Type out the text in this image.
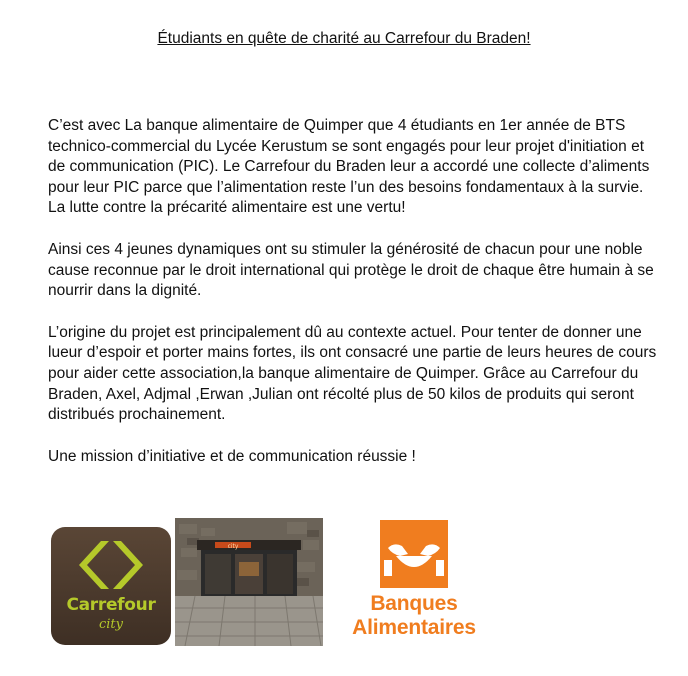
Étudiants en quête de charité au Carrefour du Braden!

C’est avec La banque alimentaire de Quimper que 4 étudiants en 1er année de BTS technico-commercial du Lycée Kerustum se sont engagés pour leur projet d'initiation et de communication (PIC). Le Carrefour du Braden leur a accordé une collecte d’aliments pour leur PIC parce que l’alimentation reste l’un des besoins fondamentaux à la survie. La lutte contre la précarité alimentaire est une vertu!

Ainsi ces 4 jeunes dynamiques ont su stimuler la générosité de chacun pour une noble cause reconnue par le droit international qui protège le droit de chaque être humain à se nourrir dans la dignité.

L’origine du projet est principalement dû au contexte actuel. Pour tenter de donner une lueur d’espoir et porter mains fortes, ils ont consacré une partie de leurs heures de cours pour aider cette association,la banque alimentaire de Quimper. Grâce au Carrefour du Braden, Axel, Adjmal ,Erwan ,Julian ont récolté plus de 50 kilos de produits qui seront distribués prochainement.

Une mission d’initiative et de communication réussie !

Carrefour
city
city
Banques
Alimentaires
